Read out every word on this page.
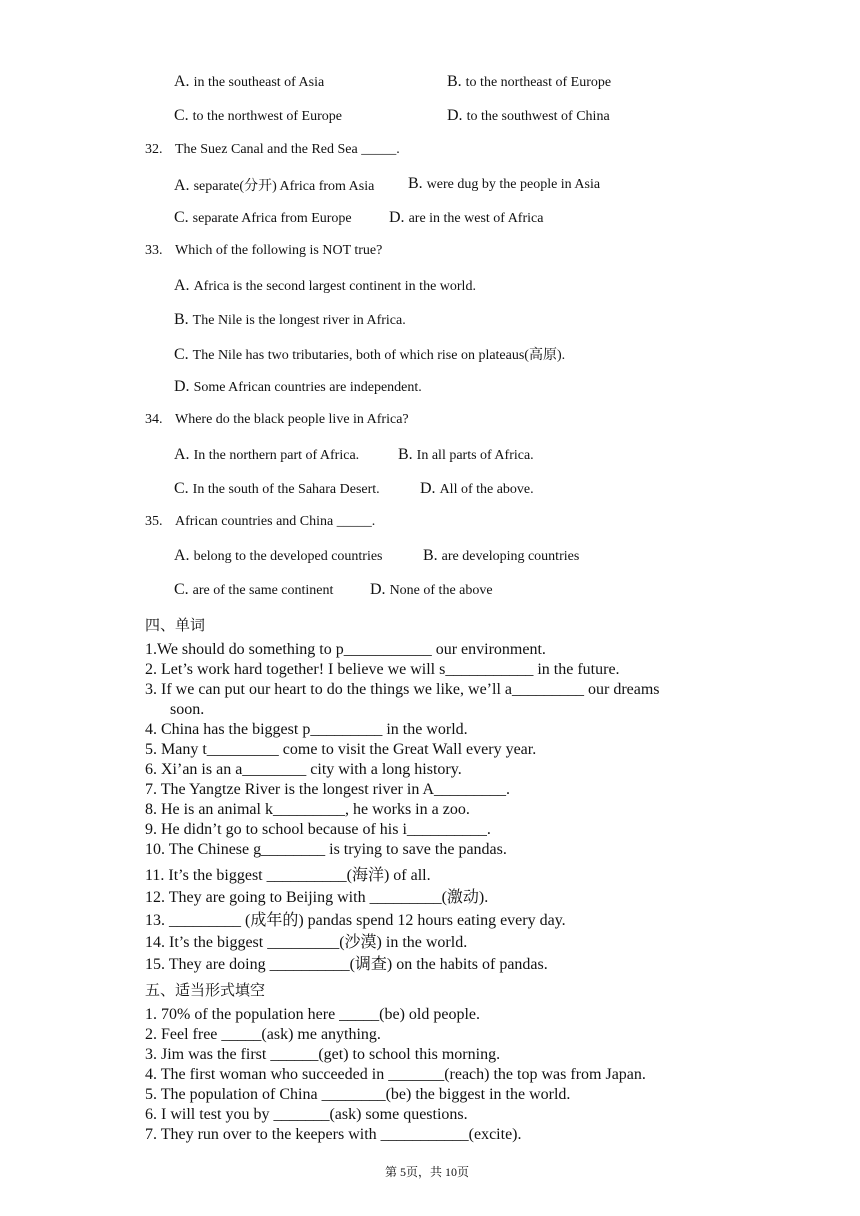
A. in the southeast of Asia	B. to the northeast of Europe
C. to the northwest of Europe	D. to the southwest of China
32. The Suez Canal and the Red Sea _____.
A. separate(分开) Africa from Asia B. were dug by the people in Asia
C. separate Africa from Europe D. are in the west of Africa
33. Which of the following is NOT true?
A. Africa is the second largest continent in the world.
B. The Nile is the longest river in Africa.
C. The Nile has two tributaries, both of which rise on plateaus(高原).
D. Some African countries are independent.
34. Where do the black people live in Africa?
A. In the northern part of Africa. B. In all parts of Africa.
C. In the south of the Sahara Desert.	D. All of the above.
35. African countries and China _____.
A. belong to the developed countries	B. are developing countries
C. are of the same continent D. None of the above
四、单词
1.We should do something to p___________ our environment.
2. Let’s work hard together! I believe we will s___________ in the future.
3. If we can put our heart to do the things we like, we’ll a_________ our dreams
soon.
4. China has the biggest p_________ in the world.
5. Many t_________ come to visit the Great Wall every year.
6. Xi’an is an a________ city with a long history.
7. The Yangtze River is the longest river in A_________.
8. He is an animal k_________, he works in a zoo.
9. He didn’t go to school because of his i__________.
10. The Chinese g________ is trying to save the pandas.
11. It’s the biggest __________(海洋) of all.
12. They are going to Beijing with _________(激动).
13. _________ (成年的) pandas spend 12 hours eating every day.
14. It’s the biggest _________(沙漠) in the world.
15. They are doing __________(调查) on the habits of pandas.
五、适当形式填空
1. 70% of the population here _____(be) old people.
2. Feel free _____(ask) me anything.
3. Jim was the first ______(get) to school this morning.
4. The first woman who succeeded in _______(reach) the top was from Japan.
5. The population of China ________(be) the biggest in the world.
6. I will test you by _______(ask) some questions.
7. They run over to the keepers with ___________(excite).
第 5页，共 10页
